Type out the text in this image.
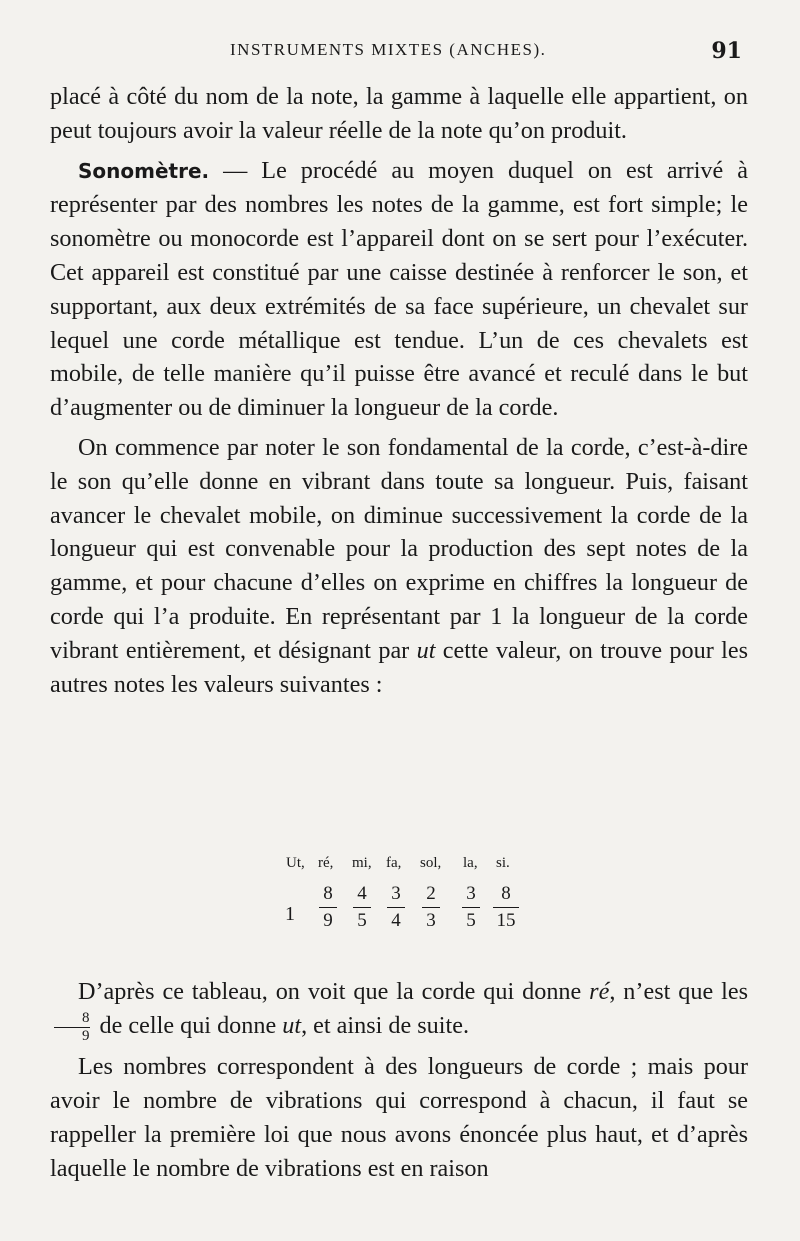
INSTRUMENTS MIXTES (ANCHES).	91

placé à côté du nom de la note, la gamme à laquelle elle appartient, on peut toujours avoir la valeur réelle de la note qu’on produit.

Sonomètre. — Le procédé au moyen duquel on est arrivé à représenter par des nombres les notes de la gamme, est fort simple; le sonomètre ou monocorde est l’appareil dont on se sert pour l’exécuter. Cet appareil est constitué par une caisse destinée à renforcer le son, et supportant, aux deux extrémités de sa face supérieure, un chevalet sur lequel une corde métallique est tendue. L’un de ces chevalets est mobile, de telle manière qu’il puisse être avancé et reculé dans le but d’augmenter ou de diminuer la longueur de la corde.

On commence par noter le son fondamental de la corde, c’est-à-dire le son qu’elle donne en vibrant dans toute sa longueur. Puis, faisant avancer le chevalet mobile, on diminue successivement la corde de la longueur qui est convenable pour la production des sept notes de la gamme, et pour chacune d’elles on exprime en chiffres la longueur de corde qui l’a produite. En représentant par 1 la longueur de la corde vibrant entièrement, et désignant par ut cette valeur, on trouve pour les autres notes les valeurs suivantes :

Ut, ré, mi, fa, sol, la, si.
1
8
9
4
5
3
4
2
3
3
5
8
15

D’après ce tableau, on voit que la corde qui donne ré, n’est que les
$\frac{8}{9}$ de celle qui donne ut, et ainsi de suite.

Les nombres correspondent à des longueurs de corde ; mais pour avoir le nombre de vibrations qui correspond à chacun, il faut se rappeller la première loi que nous avons énoncée plus haut, et d’après laquelle le nombre de vibrations est en raison
